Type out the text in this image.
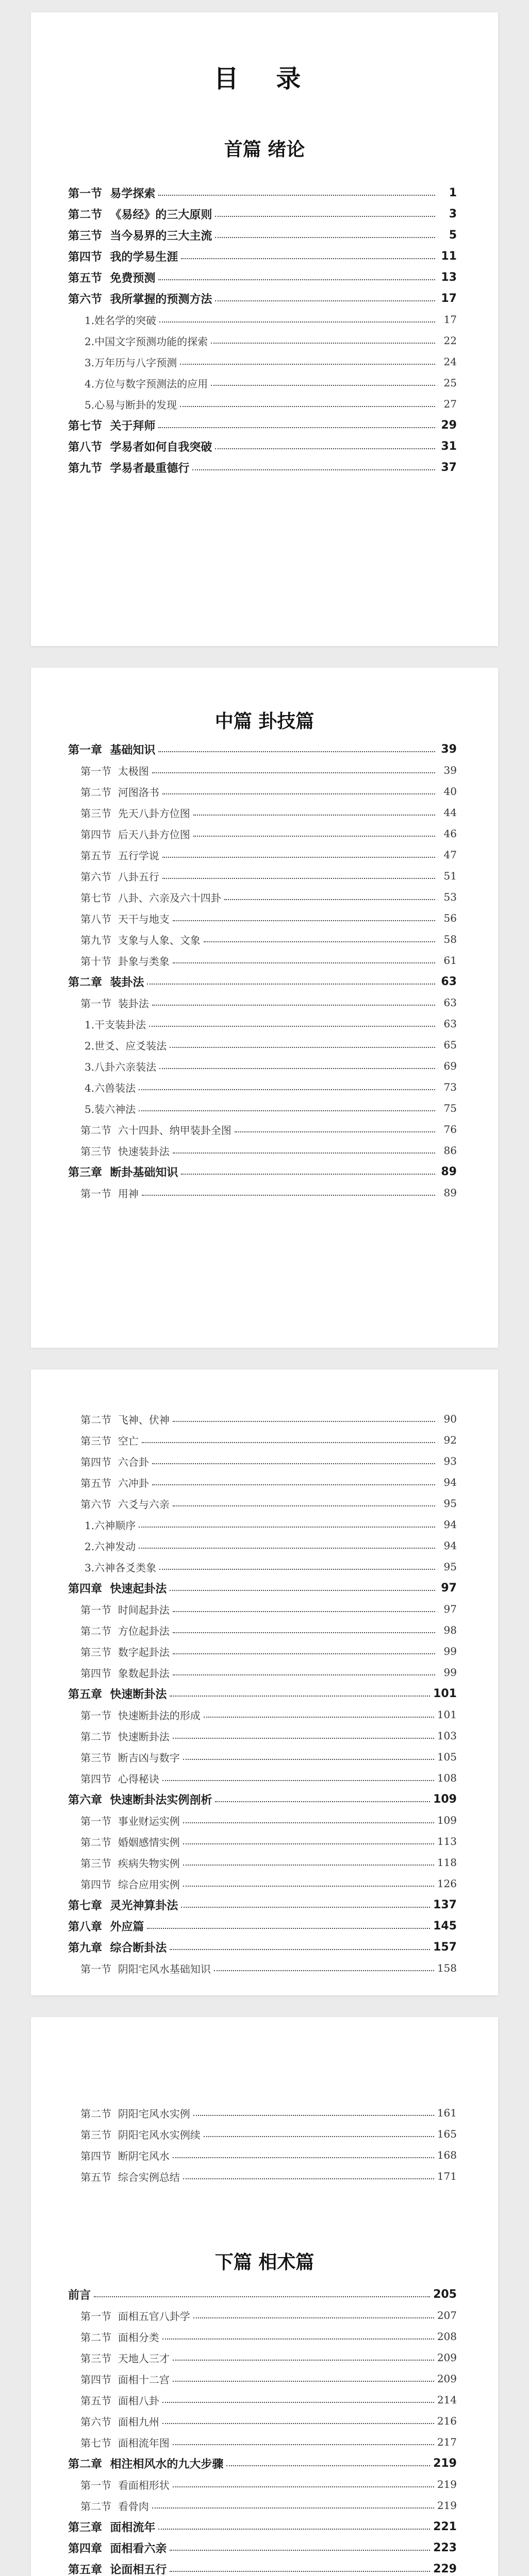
目 录
首篇 绪论
第一节  易学探索	1
第二节  《易经》的三大原则	3
第三节  当今易界的三大主流	5
第四节  我的学易生涯	11
第五节  免费预测	13
第六节  我所掌握的预测方法	17
1.姓名学的突破	17
2.中国文字预测功能的探索	22
3.万年历与八字预测	24
4.方位与数字预测法的应用	25
5.心易与断卦的发现	27
第七节  关于拜师	29
第八节  学易者如何自我突破	31
第九节  学易者最重德行	37
中篇 卦技篇
第一章  基础知识	39
第一节  太极图	39
第二节  河图洛书	40
第三节  先天八卦方位图	44
第四节  后天八卦方位图	46
第五节  五行学说	47
第六节  八卦五行	51
第七节  八卦、六亲及六十四卦	53
第八节  天干与地支	56
第九节  支象与人象、文象	58
第十节  卦象与类象	61
第二章  装卦法	63
第一节  装卦法	63
1.干支装卦法	63
2.世爻、应爻装法	65
3.八卦六亲装法	69
4.六兽装法	73
5.装六神法	75
第二节  六十四卦、纳甲装卦全图	76
第三节  快速装卦法	86
第三章  断卦基础知识	89
第一节  用神	89
第二节  飞神、伏神	90
第三节  空亡	92
第四节  六合卦	93
第五节  六冲卦	94
第六节  六爻与六亲	95
1.六神顺序	94
2.六神发动	94
3.六神各爻类象	95
第四章  快速起卦法	97
第一节  时间起卦法	97
第二节  方位起卦法	98
第三节  数字起卦法	99
第四节  象数起卦法	99
第五章  快速断卦法	101
第一节  快速断卦法的形成	101
第二节  快速断卦法	103
第三节  断吉凶与数字	105
第四节  心得秘诀	108
第六章  快速断卦法实例剖析	109
第一节  事业财运实例	109
第二节  婚姻感情实例	113
第三节  疾病失物实例	118
第四节  综合应用实例	126
第七章  灵光神算卦法	137
第八章  外应篇	145
第九章  综合断卦法	157
第一节  阴阳宅风水基础知识	158
第二节  阴阳宅风水实例	161
第三节  阴阳宅风水实例续	165
第四节  断阴宅风水	168
第五节  综合实例总结	171
下篇 相术篇
前言	205
第一节  面相五官八卦学	207
第二节  面相分类	208
第三节  天地人三才	209
第四节  面相十二宫	209
第五节  面相八卦	214
第六节  面相九州	216
第七节  面相流年图	217
第二章  相注相风水的九大步骤	219
第一节  看面相形状	219
第二节  看骨肉	219
第三章  面相流年	221
第四章  面相看六亲	223
第五章  论面相五行	229
